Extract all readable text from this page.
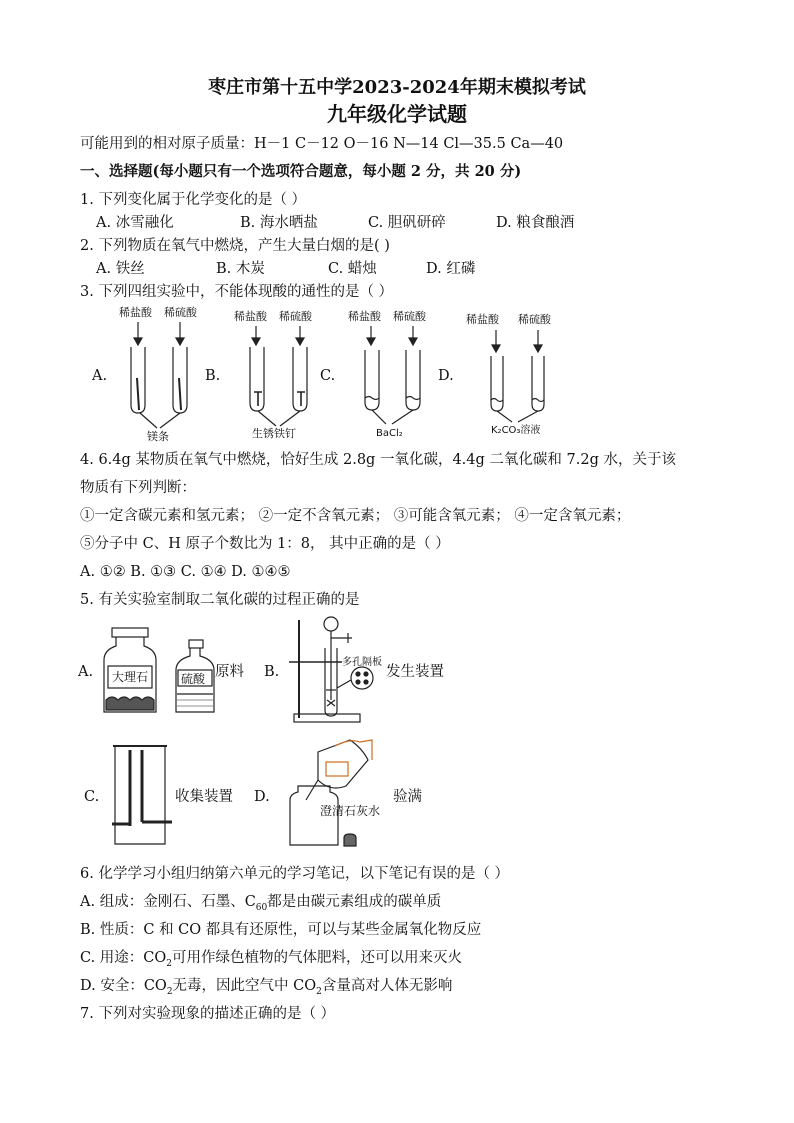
枣庄市第十五中学2023-2024年期末模拟考试
九年级化学试题
可能用到的相对原子质量：H－1 C－12 O－16 N—14 Cl—35.5 Ca—40
一、选择题(每小题只有一个选项符合题意，每小题 2 分，共 20 分)
1. 下列变化属于化学变化的是（ ）
A. 冰雪融化	B. 海水晒盐	C. 胆矾研碎	D. 粮食酿酒
2. 下列物质在氧气中燃烧，产生大量白烟的是( )
A. 铁丝	B. 木炭	C. 蜡烛	D. 红磷
3. 下列四组实验中，不能体现酸的通性的是（ ）
A.	B.	C.	D.
稀盐酸 稀硫酸	稀盐酸 稀硫酸	稀盐酸 稀硫酸	稀盐酸 稀硫酸
镁条	生锈铁钉	BaCl₂	K₂CO₃溶液
4. 6.4g 某物质在氧气中燃烧，恰好生成 2.8g 一氧化碳，4.4g 二氧化碳和 7.2g 水，关于该
物质有下列判断：
①一定含碳元素和氢元素； ②一定不含氧元素； ③可能含氧元素； ④一定含氧元素；
⑤分子中 C、H 原子个数比为 1：8， 其中正确的是（ ）
A. ①② B. ①③ C. ①④ D. ①④⑤
5. 有关实验室制取二氧化碳的过程正确的是
A.	原料 B.	发生装置
C.	收集装置 D.	验满
大理石	硫酸
多孔隔板
澄清石灰水
6. 化学学习小组归纳第六单元的学习笔记，以下笔记有误的是（ ）
A. 组成：金刚石、石墨、$C_{60}$都是由碳元素组成的碳单质
B. 性质：C 和 CO 都具有还原性，可以与某些金属氧化物反应
C. 用途：$CO_2$可用作绿色植物的气体肥料，还可以用来灭火
D. 安全：$CO_2$无毒，因此空气中 $CO_2$含量高对人体无影响
7. 下列对实验现象的描述正确的是（ ）
